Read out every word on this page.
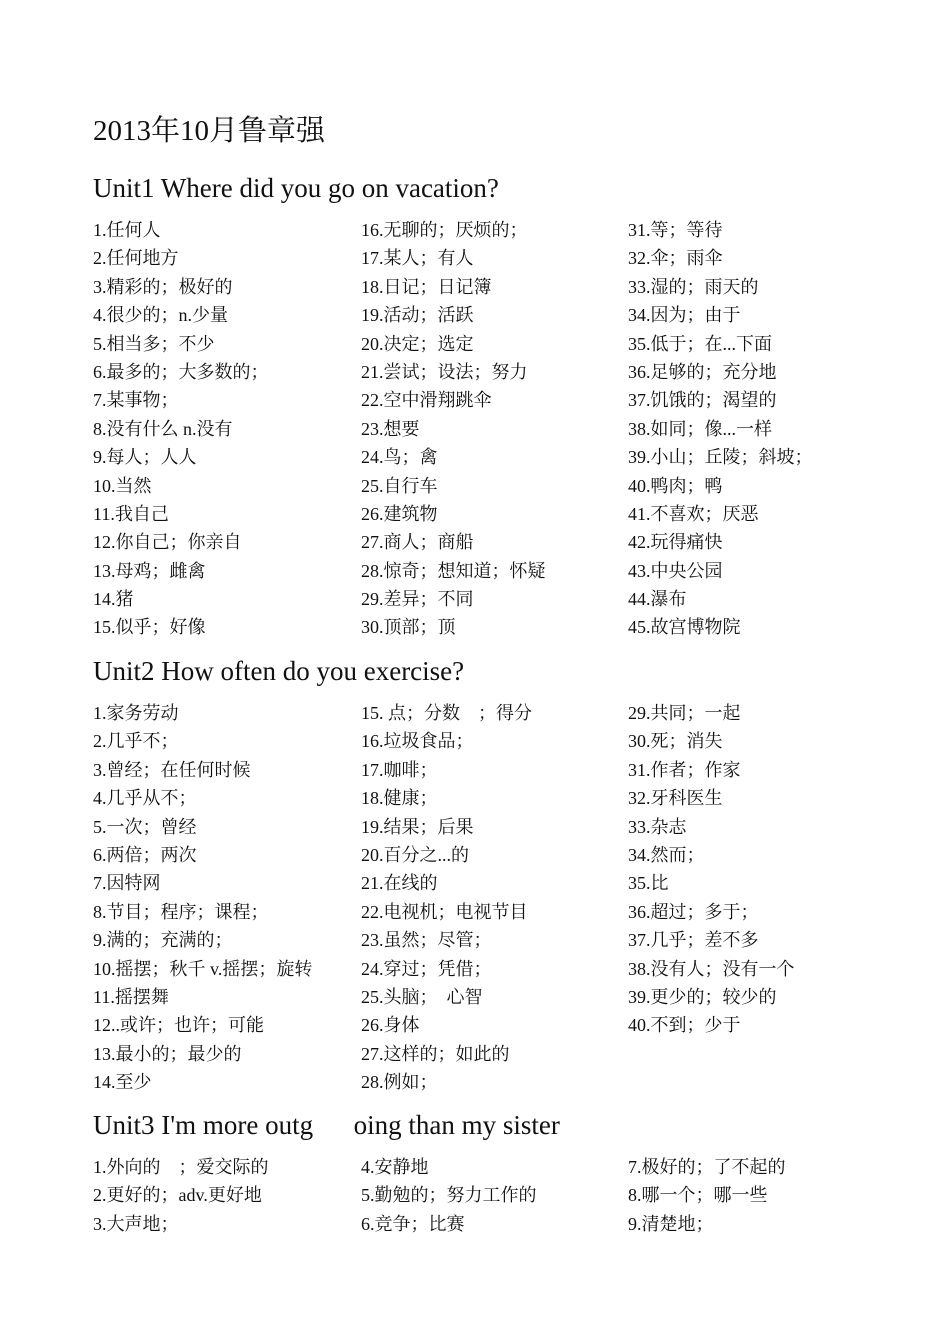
2013年10月鲁章强
Unit1 Where did you go on vacation?
1.任何人
2.任何地方
3.精彩的；极好的
4.很少的；n.少量
5.相当多；不少
6.最多的；大多数的；
7.某事物；
8.没有什么 n.没有
9.每人；人人
10.当然
11.我自己
12.你自己；你亲自
13.母鸡；雌禽
14.猪
15.似乎；好像
16.无聊的；厌烦的；
17.某人；有人
18.日记；日记簿
19.活动；活跃
20.决定；选定
21.尝试；设法；努力
22.空中滑翔跳伞
23.想要
24.鸟；禽
25.自行车
26.建筑物
27.商人；商船
28.惊奇；想知道；怀疑
29.差异；不同
30.顶部；顶
31.等；等待
32.伞；雨伞
33.湿的；雨天的
34.因为；由于
35.低于；在...下面
36.足够的；充分地
37.饥饿的；渴望的
38.如同；像...一样
39.小山；丘陵；斜坡；
40.鸭肉；鸭
41.不喜欢；厌恶
42.玩得痛快
43.中央公园
44.瀑布
45.故宫博物院
Unit2 How often do you exercise?
1.家务劳动
2.几乎不；
3.曾经；在任何时候
4.几乎从不；
5.一次；曾经
6.两倍；两次
7.因特网
8.节目；程序；课程；
9.满的；充满的；
10.摇摆；秋千 v.摇摆；旋转
11.摇摆舞
12..或许；也许；可能
13.最小的；最少的
14.至少
15. 点；分数　；得分
16.垃圾食品；
17.咖啡；
18.健康；
19.结果；后果
20.百分之...的
21.在线的
22.电视机；电视节目
23.虽然；尽管；
24.穿过；凭借；
25.头脑；  心智
26.身体
27.这样的；如此的
28.例如；
29.共同；一起
30.死；消失
31.作者；作家
32.牙科医生
33.杂志
34.然而；
35.比
36.超过；多于；
37.几乎；差不多
38.没有人；没有一个
39.更少的；较少的
40.不到；少于
Unit3 I'm more outg      oing than my sister
1.外向的　；爱交际的
2.更好的；adv.更好地
3.大声地；
4.安静地
5.勤勉的；努力工作的
6.竞争；比赛
7.极好的；了不起的
8.哪一个；哪一些
9.清楚地；
